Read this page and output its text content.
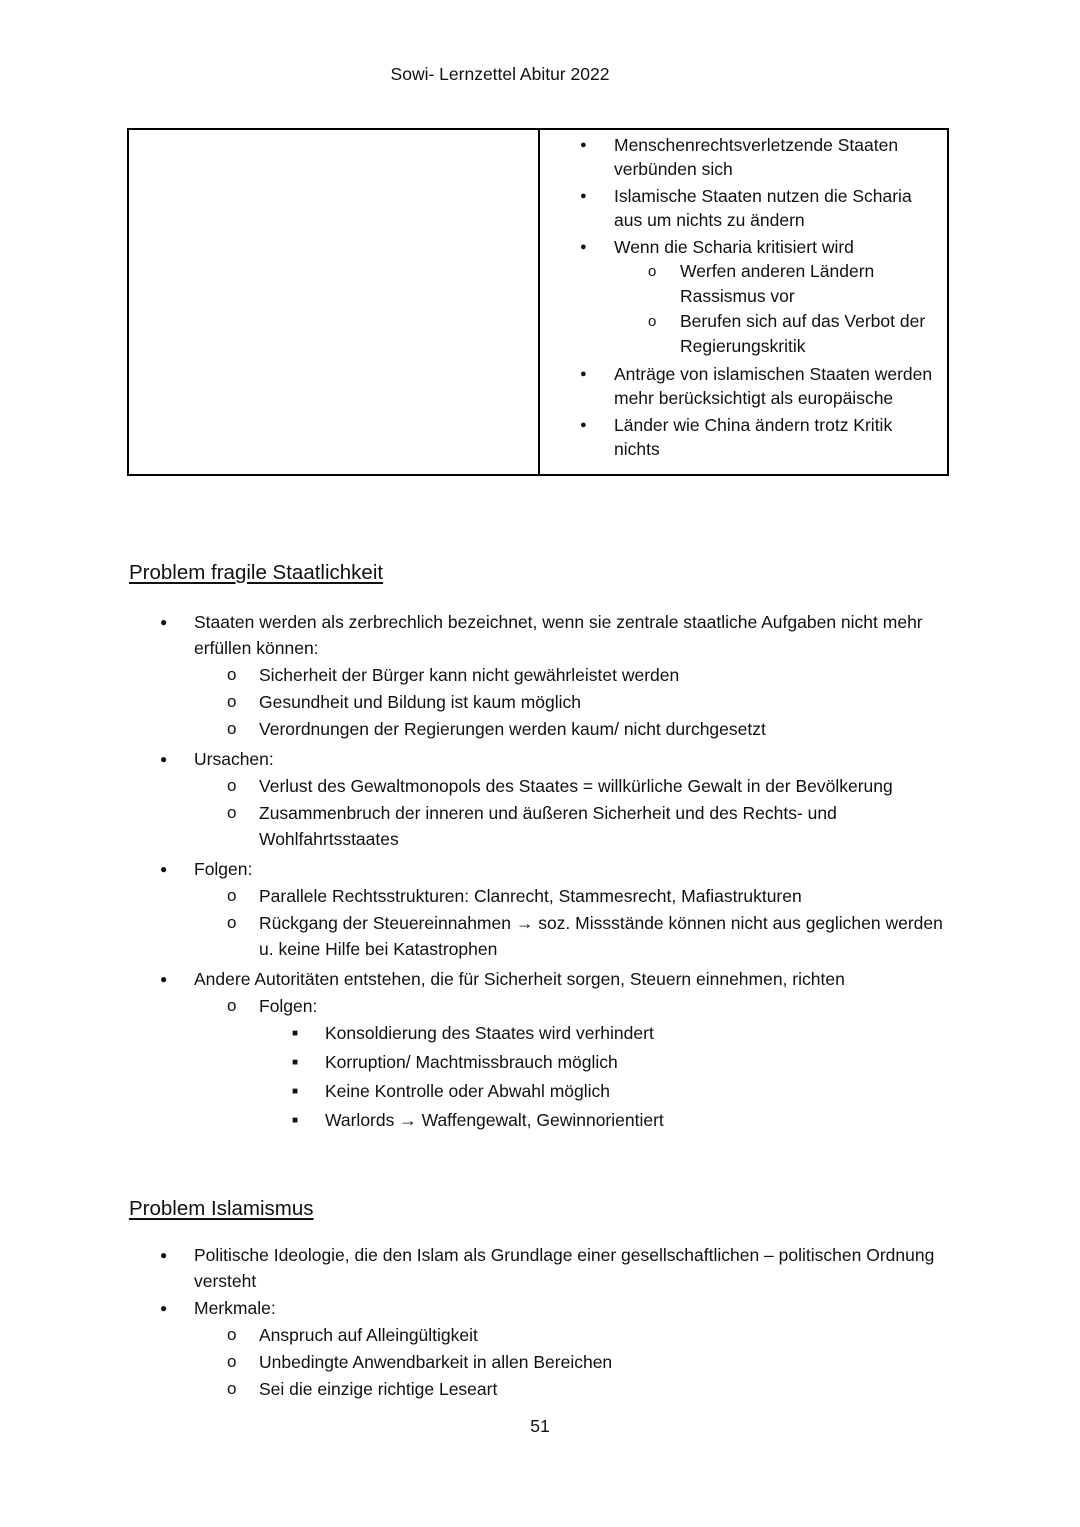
Sowi- Lernzettel Abitur 2022
● Menschenrechtsverletzende Staaten verbünden sich
● Islamische Staaten nutzen die Scharia aus um nichts zu ändern
● Wenn die Scharia kritisiert wird
o Werfen anderen Ländern Rassismus vor
o Berufen sich auf das Verbot der Regierungskritik
● Anträge von islamischen Staaten werden mehr berücksichtigt als europäische
● Länder wie China ändern trotz Kritik nichts
Problem fragile Staatlichkeit
● Staaten werden als zerbrechlich bezeichnet, wenn sie zentrale staatliche Aufgaben nicht mehr erfüllen können:
o Sicherheit der Bürger kann nicht gewährleistet werden
o Gesundheit und Bildung ist kaum möglich
o Verordnungen der Regierungen werden kaum/ nicht durchgesetzt
● Ursachen:
o Verlust des Gewaltmonopols des Staates = willkürliche Gewalt in der Bevölkerung
o Zusammenbruch der inneren und äußeren Sicherheit und des Rechts- und Wohlfahrtsstaates
● Folgen:
o Parallele Rechtsstrukturen: Clanrecht, Stammesrecht, Mafiastrukturen
o Rückgang der Steuereinnahmen → soz. Missstände können nicht aus geglichen werden u. keine Hilfe bei Katastrophen
● Andere Autoritäten entstehen, die für Sicherheit sorgen, Steuern einnehmen, richten
o Folgen:
■ Konsoldierung des Staates wird verhindert
■ Korruption/ Machtmissbrauch möglich
■ Keine Kontrolle oder Abwahl möglich
■ Warlords → Waffengewalt, Gewinnorientiert
Problem Islamismus
● Politische Ideologie, die den Islam als Grundlage einer gesellschaftlichen – politischen Ordnung versteht
● Merkmale:
o Anspruch auf Alleingültigkeit
o Unbedingte Anwendbarkeit in allen Bereichen
o Sei die einzige richtige Leseart
51
